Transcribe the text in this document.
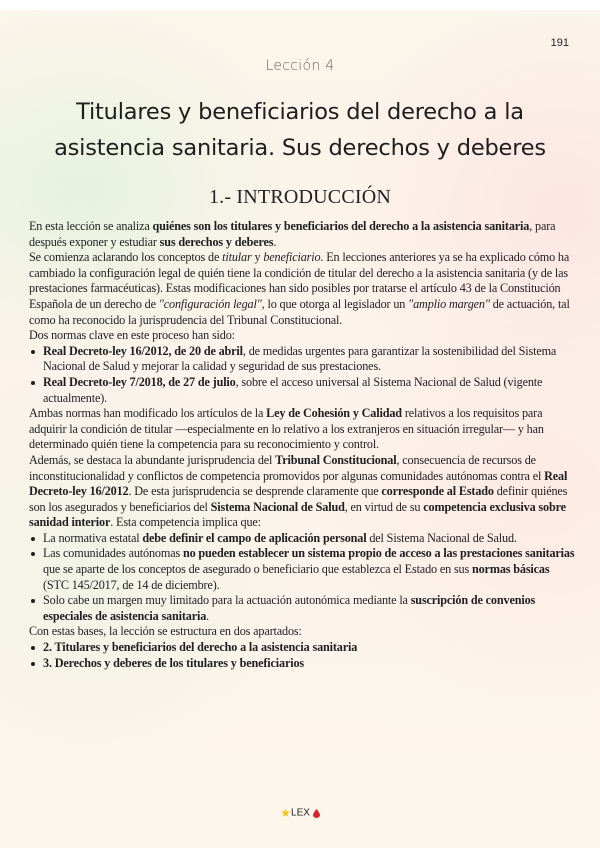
191
Lección 4
Titulares y beneficiarios del derecho a la
asistencia sanitaria. Sus derechos y deberes
1.- INTRODUCCIÓN

En esta lección se analiza quiénes son los titulares y beneficiarios del derecho a la asistencia sanitaria, para después exponer y estudiar sus derechos y deberes.

Se comienza aclarando los conceptos de titular y beneficiario. En lecciones anteriores ya se ha explicado cómo ha cambiado la configuración legal de quién tiene la condición de titular del derecho a la asistencia sanitaria (y de las prestaciones farmacéuticas). Estas modificaciones han sido posibles por tratarse el artículo 43 de la Constitución Española de un derecho de "configuración legal", lo que otorga al legislador un "amplio margen" de actuación, tal como ha reconocido la jurisprudencia del Tribunal Constitucional.

Dos normas clave en este proceso han sido:

Real Decreto-ley 16/2012, de 20 de abril, de medidas urgentes para garantizar la sostenibilidad del Sistema Nacional de Salud y mejorar la calidad y seguridad de sus prestaciones.
Real Decreto-ley 7/2018, de 27 de julio, sobre el acceso universal al Sistema Nacional de Salud (vigente actualmente).

Ambas normas han modificado los artículos de la Ley de Cohesión y Calidad relativos a los requisitos para adquirir la condición de titular —especialmente en lo relativo a los extranjeros en situación irregular— y han determinado quién tiene la competencia para su reconocimiento y control.

Además, se destaca la abundante jurisprudencia del Tribunal Constitucional, consecuencia de recursos de inconstitucionalidad y conflictos de competencia promovidos por algunas comunidades autónomas contra el Real Decreto-ley 16/2012. De esta jurisprudencia se desprende claramente que corresponde al Estado definir quiénes son los asegurados y beneficiarios del Sistema Nacional de Salud, en virtud de su competencia exclusiva sobre sanidad interior. Esta competencia implica que:

La normativa estatal debe definir el campo de aplicación personal del Sistema Nacional de Salud.
Las comunidades autónomas no pueden establecer un sistema propio de acceso a las prestaciones sanitarias que se aparte de los conceptos de asegurado o beneficiario que establezca el Estado en sus normas básicas (STC 145/2017, de 14 de diciembre).
Solo cabe un margen muy limitado para la actuación autonómica mediante la suscripción de convenios especiales de asistencia sanitaria.

Con estas bases, la lección se estructura en dos apartados:

2. Titulares y beneficiarios del derecho a la asistencia sanitaria
3. Derechos y deberes de los titulares y beneficiarios
★LEX
